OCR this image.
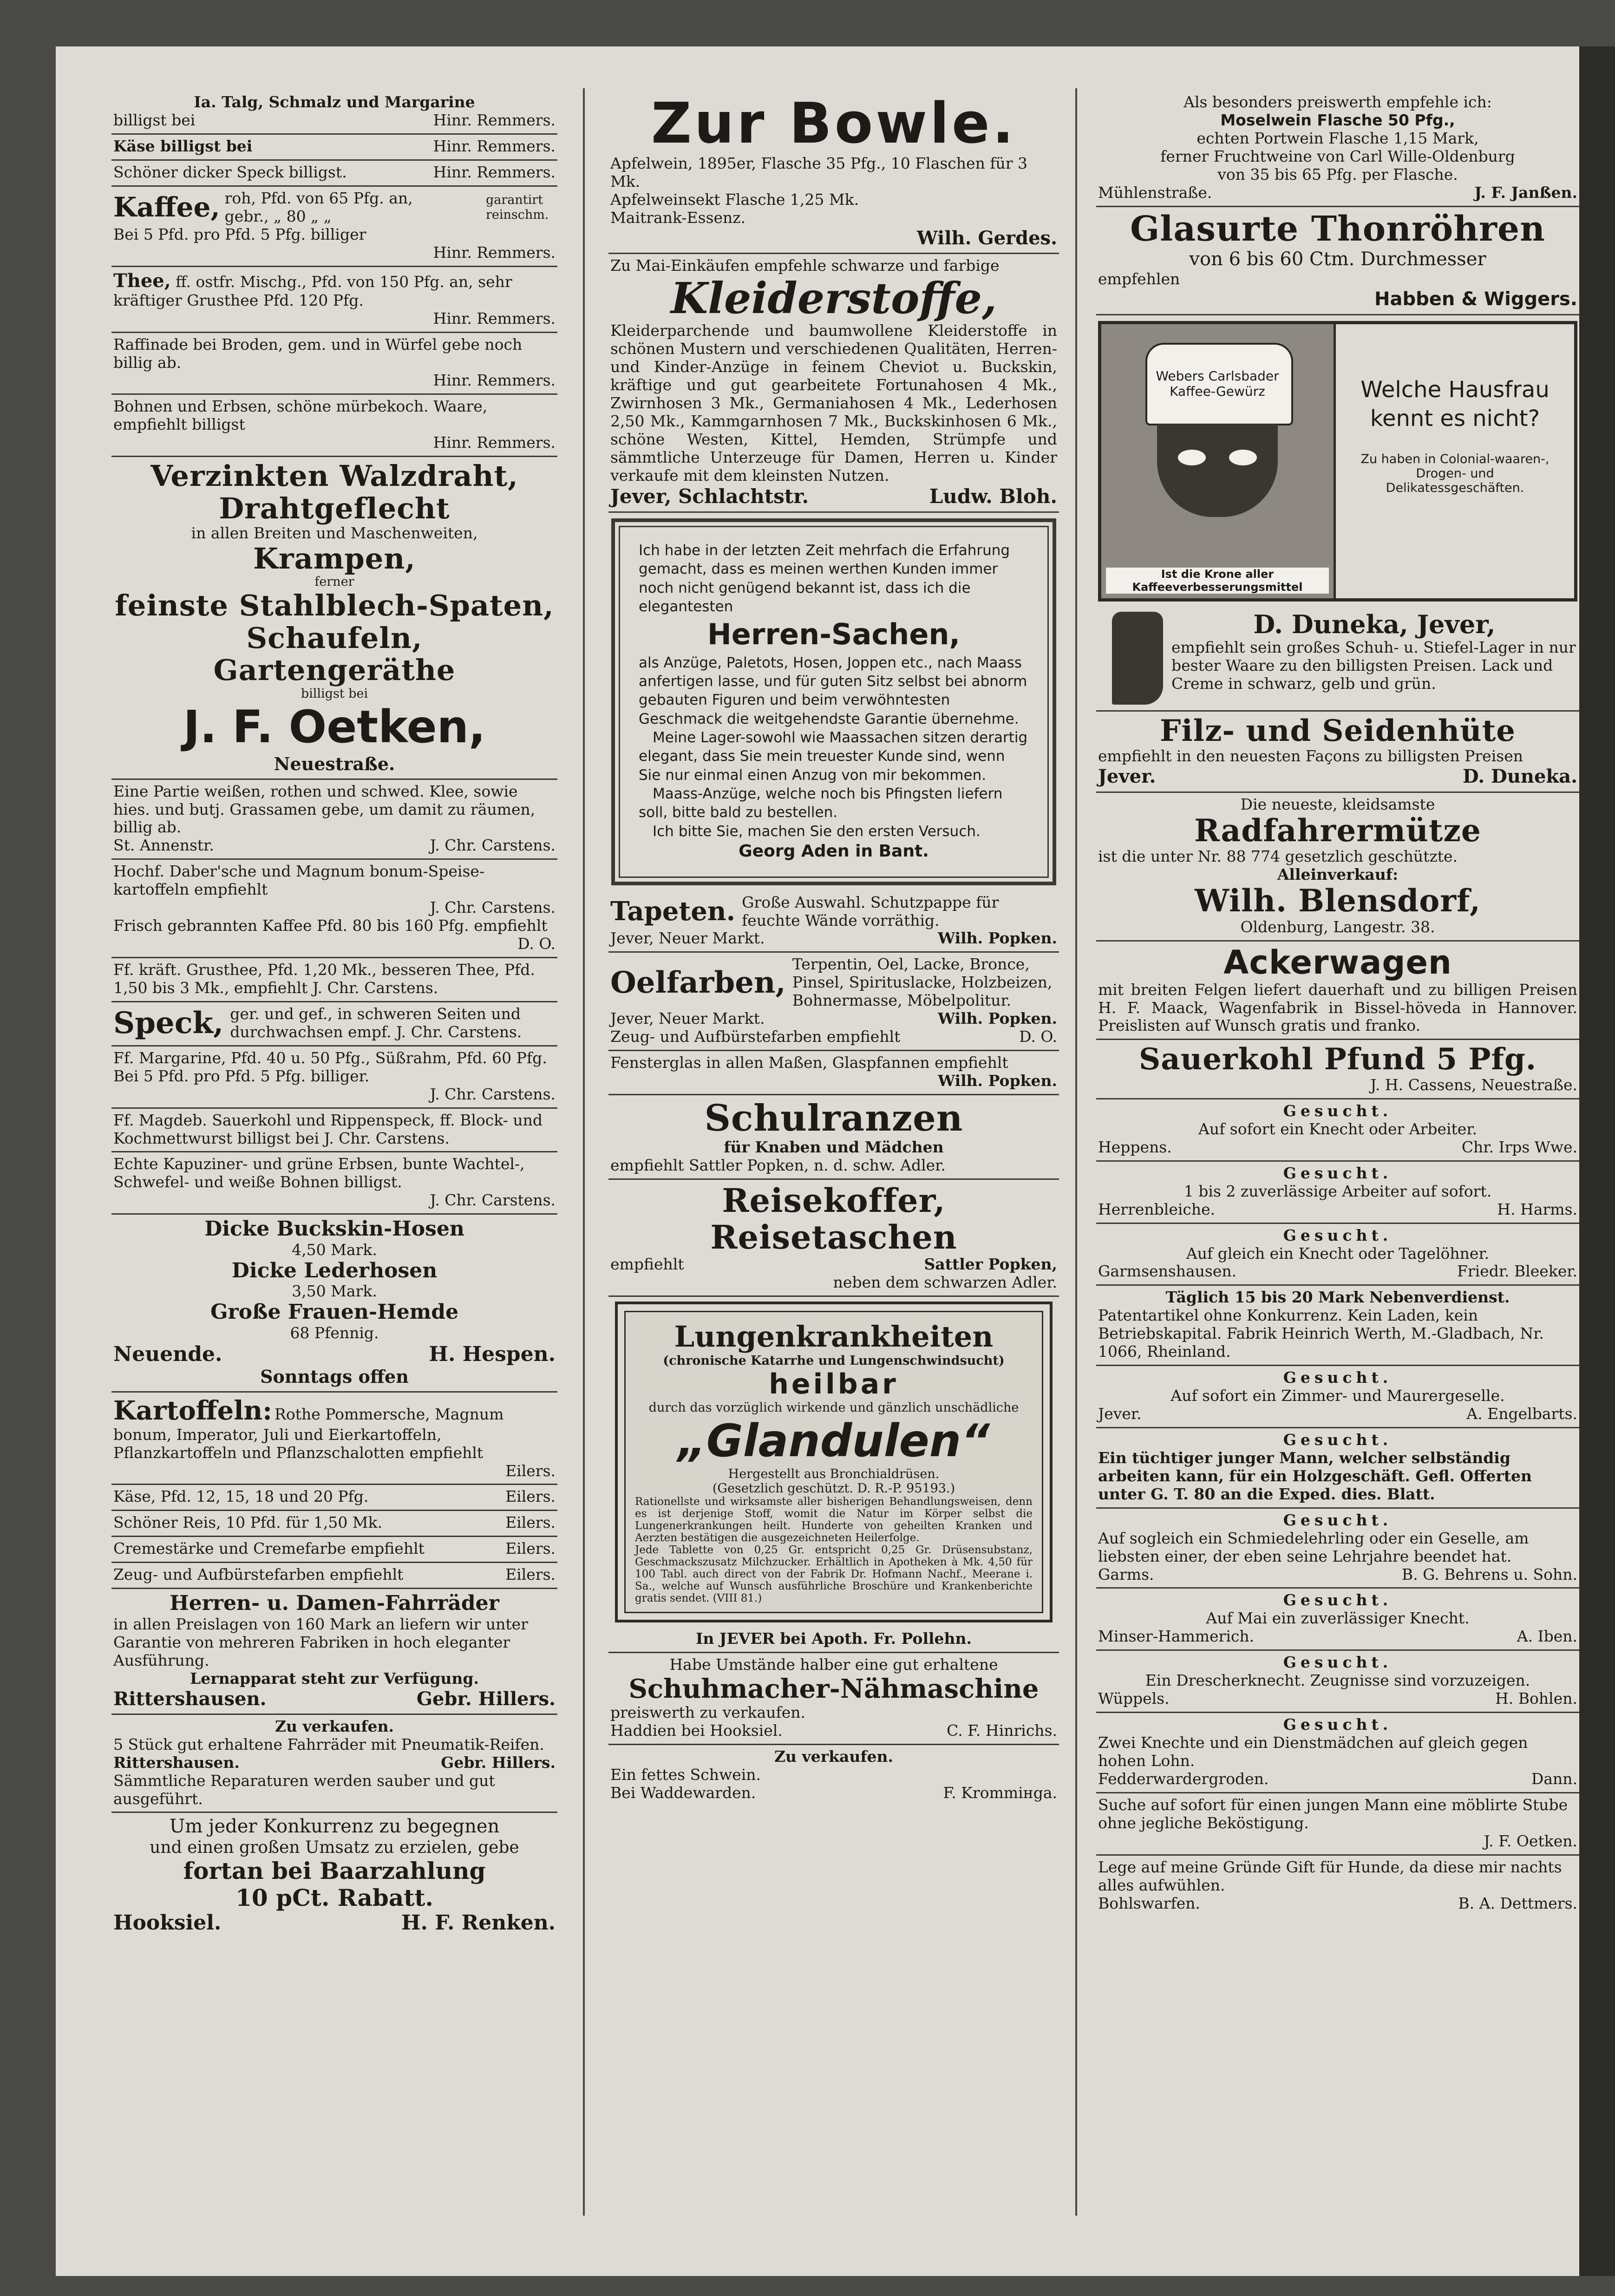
Ia. Talg, Schmalz und Margarine
billigst bei	Hinr. Remmers.
Käse billigst bei	Hinr. Remmers.
Schöner dicker Speck billigst.	Hinr. Remmers.
Kaffee, roh, Pfd. von 65 Pfg. an,
gebr., „ 80 „ „
garantirt reinschm.
Bei 5 Pfd. pro Pfd. 5 Pfg. billiger
Hinr. Remmers.
Thee, ff. ostfr. Mischg., Pfd. von 150 Pfg. an, sehr kräftiger Grusthee Pfd. 120 Pfg.
Hinr. Remmers.
Raffinade bei Broden, gem. und in Würfel gebe noch billig ab.
Hinr. Remmers.
Bohnen und Erbsen, schöne mürbekoch. Waare, empfiehlt billigst
Hinr. Remmers.
Verzinkten Walzdraht,
Drahtgeflecht
in allen Breiten und Maschenweiten,
Krampen,
ferner
feinste Stahlblech-Spaten,
Schaufeln,
Gartengeräthe
billigst bei
J. F. Oetken,
Neuestraße.
Eine Partie weißen, rothen und schwed. Klee, sowie hies. und butj. Grassamen gebe, um damit zu räumen, billig ab.
St. Annenstr.	J. Chr. Carstens.
Hochf. Daber'sche und Magnum bonum-Speise-kartoffeln empfiehlt
J. Chr. Carstens.
Frisch gebrannten Kaffee Pfd. 80 bis 160 Pfg. empfiehlt
D. O.
Ff. kräft. Grusthee, Pfd. 1,20 Mk., besseren Thee, Pfd. 1,50 bis 3 Mk., empfiehlt J. Chr. Carstens.
Speck, ger. und gef., in schweren Seiten und durchwachsen empf. J. Chr. Carstens.
Ff. Margarine, Pfd. 40 u. 50 Pfg., Süßrahm, Pfd. 60 Pfg. Bei 5 Pfd. pro Pfd. 5 Pfg. billiger.
J. Chr. Carstens.
Ff. Magdeb. Sauerkohl und Rippenspeck, ff. Block- und Kochmettwurst billigst bei J. Chr. Carstens.
Echte Kapuziner- und grüne Erbsen, bunte Wachtel-, Schwefel- und weiße Bohnen billigst.
J. Chr. Carstens.
Dicke Buckskin-Hosen
4,50 Mark.
Dicke Lederhosen
3,50 Mark.
Große Frauen-Hemde
68 Pfennig.
Neuende.	H. Hespen.
Sonntags offen
Kartoffeln: Rothe Pommersche, Magnum bonum, Imperator, Juli und Eierkartoffeln, Pflanzkartoffeln und Pflanzschalotten empfiehlt
Eilers.
Käse, Pfd. 12, 15, 18 und 20 Pfg.	Eilers.
Schöner Reis, 10 Pfd. für 1,50 Mk.	Eilers.
Cremestärke und Cremefarbe empfiehlt	Eilers.
Zeug- und Aufbürstefarben empfiehlt	Eilers.
Herren- u. Damen-Fahrräder
in allen Preislagen von 160 Mark an liefern wir unter Garantie von mehreren Fabriken in hoch eleganter Ausführung.
Lernapparat steht zur Verfügung.
Rittershausen.	Gebr. Hillers.
Zu verkaufen.
5 Stück gut erhaltene Fahrräder mit Pneumatik-Reifen.
Rittershausen.	Gebr. Hillers.
Sämmtliche Reparaturen werden sauber und gut ausgeführt.
Um jeder Konkurrenz zu begegnen
und einen großen Umsatz zu erzielen, gebe
fortan bei Baarzahlung
10 pCt. Rabatt.
Hooksiel.	H. F. Renken.
Zur Bowle.
Apfelwein, 1895er, Flasche 35 Pfg., 10 Flaschen für 3 Mk.
Apfelweinsekt Flasche 1,25 Mk.
Maitrank-Essenz.
Wilh. Gerdes.
Zu Mai-Einkäufen empfehle schwarze und farbige
Kleiderstoffe,
Kleiderparchende und baumwollene Kleiderstoffe in schönen Mustern und verschiedenen Qualitäten, Herren- und Kinder-Anzüge in feinem Cheviot u. Buckskin, kräftige und gut gearbeitete Fortunahosen 4 Mk., Zwirnhosen 3 Mk., Germaniahosen 4 Mk., Lederhosen 2,50 Mk., Kammgarnhosen 7 Mk., Buckskinhosen 6 Mk., schöne Westen, Kittel, Hemden, Strümpfe und sämmtliche Unterzeuge für Damen, Herren u. Kinder verkaufe mit dem kleinsten Nutzen.
Jever, Schlachtstr.	Ludw. Bloh.
Ich habe in der letzten Zeit mehrfach die Erfahrung gemacht, dass es meinen werthen Kunden immer noch nicht genügend bekannt ist, dass ich die elegantesten
Herren-Sachen,
als Anzüge, Paletots, Hosen, Joppen etc., nach Maass anfertigen lasse, und für guten Sitz selbst bei abnorm gebauten Figuren und beim verwöhntesten Geschmack die weitgehendste Garantie übernehme.
Meine Lager-sowohl wie Maassachen sitzen derartig elegant, dass Sie mein treuester Kunde sind, wenn Sie nur einmal einen Anzug von mir bekommen.
Maass-Anzüge, welche noch bis Pfingsten liefern soll, bitte bald zu bestellen.
Ich bitte Sie, machen Sie den ersten Versuch.
Georg Aden in Bant.
Tapeten. Große Auswahl. Schutzpappe für feuchte Wände vorräthig.
Jever, Neuer Markt.	Wilh. Popken.
Oelfarben,
Terpentin, Oel, Lacke, Bronce, Pinsel, Spirituslacke, Holzbeizen, Bohnermasse, Möbelpolitur.
Jever, Neuer Markt.	Wilh. Popken.
Zeug- und Aufbürstefarben empfiehlt	D. O.
Fensterglas in allen Maßen, Glaspfannen empfiehlt
Wilh. Popken.
Schulranzen
für Knaben und Mädchen
empfiehlt Sattler Popken, n. d. schw. Adler.
Reisekoffer, Reisetaschen
empfiehlt	Sattler Popken,
neben dem schwarzen Adler.
Lungenkrankheiten
(chronische Katarrhe und Lungenschwindsucht)
heilbar
durch das vorzüglich wirkende und gänzlich unschädliche
„Glandulen“
Hergestellt aus Bronchialdrüsen.
(Gesetzlich geschützt. D. R.-P. 95193.)
Rationellste und wirksamste aller bisherigen Behandlungsweisen, denn es ist derjenige Stoff, womit die Natur im Körper selbst die Lungenerkrankungen heilt. Hunderte von geheilten Kranken und Aerzten bestätigen die ausgezeichneten Heilerfolge.
Jede Tablette von 0,25 Gr. entspricht 0,25 Gr. Drüsensubstanz, Geschmackszusatz Milchzucker. Erhältlich in Apotheken à Mk. 4,50 für 100 Tabl. auch direct von der Fabrik Dr. Hofmann Nachf., Meerane i. Sa., welche auf Wunsch ausführliche Broschüre und Krankenberichte gratis sendet. (VIII 81.)
In JEVER bei Apoth. Fr. Pollehn.
Habe Umstände halber eine gut erhaltene
Schuhmacher-Nähmaschine
preiswerth zu verkaufen.
Haddien bei Hooksiel.	C. F. Hinrichs.
Zu verkaufen.
Ein fettes Schwein.
Bei Waddewarden.	F. Krommінga.
Als besonders preiswerth empfehle ich:
Moselwein Flasche 50 Pfg.,
echten Portwein Flasche 1,15 Mark,
ferner Fruchtweine von Carl Wille-Oldenburg
von 35 bis 65 Pfg. per Flasche.
Mühlenstraße.	J. F. Janßen.
Glasurte Thonröhren
von 6 bis 60 Ctm. Durchmesser
empfehlen
Habben & Wiggers.
Webers Carlsbader
Kaffee-Gewürz
Ist die Krone aller
Kaffeeverbesserungsmittel
Welche Hausfrau kennt es nicht?
Zu haben in Colonial-waaren-, Drogen- und Delikatessgeschäften.
D. Duneka, Jever,
empfiehlt sein großes Schuh- u. Stiefel-Lager in nur bester Waare zu den billigsten Preisen. Lack und Creme in schwarz, gelb und grün.
Filz- und Seidenhüte
empfiehlt in den neuesten Façons zu billigsten Preisen
Jever.	D. Duneka.
Die neueste, kleidsamste
Radfahrermütze
ist die unter Nr. 88 774 gesetzlich geschützte.
Alleinverkauf:
Wilh. Blensdorf,
Oldenburg, Langestr. 38.
Ackerwagen
mit breiten Felgen liefert dauerhaft und zu billigen Preisen H. F. Maack, Wagenfabrik in Bissel-höveda in Hannover. Preislisten auf Wunsch gratis und franko.
Sauerkohl Pfund 5 Pfg.
J. H. Cassens, Neuestraße.
Gesucht.
Auf sofort ein Knecht oder Arbeiter.
Heppens.	Chr. Irps Wwe.
Gesucht.
1 bis 2 zuverlässige Arbeiter auf sofort.
Herrenbleiche.	H. Harms.
Gesucht.
Auf gleich ein Knecht oder Tagelöhner.
Garmsenshausen.	Friedr. Bleeker.
Täglich 15 bis 20 Mark Nebenverdienst.
Patentartikel ohne Konkurrenz. Kein Laden, kein Betriebskapital. Fabrik Heinrich Werth, M.-Gladbach, Nr. 1066, Rheinland.
Gesucht.
Auf sofort ein Zimmer- und Maurergeselle.
Jever.	A. Engelbarts.
Gesucht.
Ein tüchtiger junger Mann, welcher selbständig arbeiten kann, für ein Holzgeschäft. Gefl. Offerten unter G. T. 80 an die Exped. dies. Blatt.
Gesucht.
Auf sogleich ein Schmiedelehrling oder ein Geselle, am liebsten einer, der eben seine Lehrjahre beendet hat.
Garms.	B. G. Behrens u. Sohn.
Gesucht.
Auf Mai ein zuverlässiger Knecht.
Minser-Hammerich.	A. Iben.
Gesucht.
Ein Drescherknecht. Zeugnisse sind vorzuzeigen.
Wüppels.	H. Bohlen.
Gesucht.
Zwei Knechte und ein Dienstmädchen auf gleich gegen hohen Lohn.
Fedderwardergroden.	Dann.
Suche auf sofort für einen jungen Mann eine möblirte Stube ohne jegliche Beköstigung.
J. F. Oetken.
Lege auf meine Gründe Gift für Hunde, da diese mir nachts alles aufwühlen.
Bohlswarfen.	B. A. Dettmers.
